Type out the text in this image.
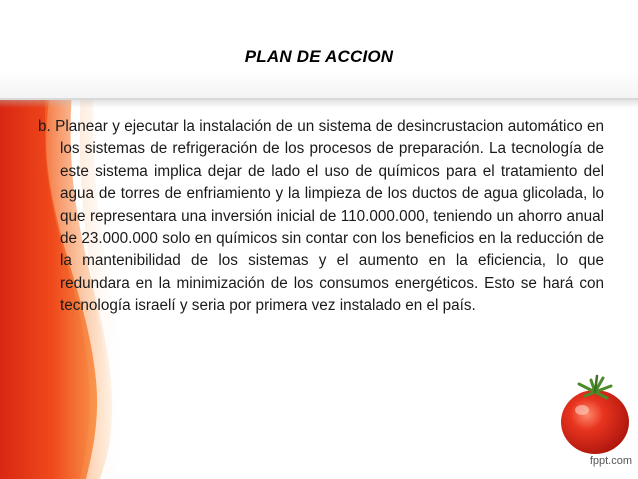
PLAN DE ACCION

b. Planear y ejecutar la instalación de un sistema de desincrustacion automático en los sistemas de refrigeración de los procesos de preparación. La tecnología de este sistema implica dejar de lado el uso de químicos para el tratamiento del agua de torres de enfriamiento y la limpieza de los ductos de agua glicolada, lo que representara una inversión inicial de 110.000.000, teniendo un ahorro anual de 23.000.000 solo en químicos sin contar con los beneficios en la reducción de la mantenibilidad de los sistemas y el aumento en la eficiencia, lo que redundara en la minimización de los consumos energéticos. Esto se hará con tecnología israelí y seria por primera vez instalado en el país.

fppt.com
